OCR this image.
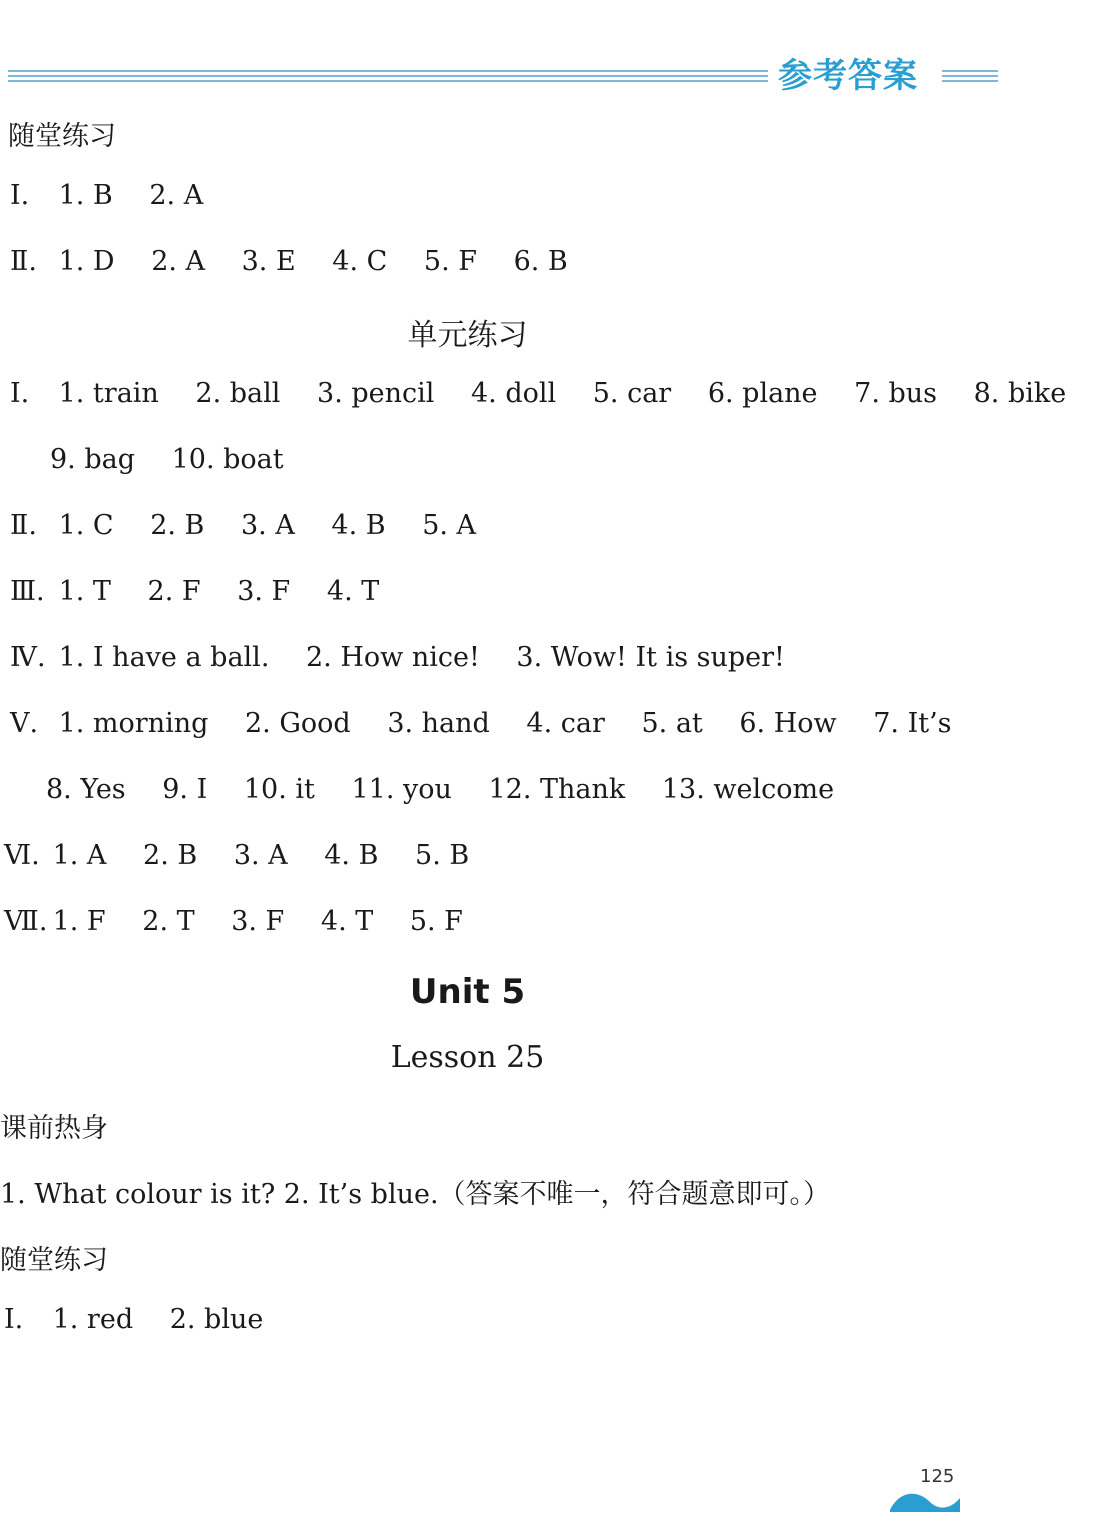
参考答案
随堂练习
Ⅰ. 1. B 2. A
Ⅱ. 1. D 2. A 3. E 4. C 5. F 6. B
单元练习
Ⅰ. 1. train 2. ball 3. pencil 4. doll 5. car 6. plane 7. bus 8. bike
9. bag 10. boat
Ⅱ. 1. C 2. B 3. A 4. B 5. A
Ⅲ. 1. T 2. F 3. F 4. T
Ⅳ. 1. I have a ball. 2. How nice! 3. Wow! It is super!
Ⅴ. 1. morning 2. Good 3. hand 4. car 5. at 6. How 7. It’s
8. Yes 9. I 10. it 11. you 12. Thank 13. welcome
Ⅵ. 1. A 2. B 3. A 4. B 5. B
Ⅶ. 1. F 2. T 3. F 4. T 5. F
Unit 5
Lesson 25
课前热身
1. What colour is it? 2. It’s blue.（答案不唯一，符合题意即可。）
随堂练习
Ⅰ. 1. red 2. blue
125
